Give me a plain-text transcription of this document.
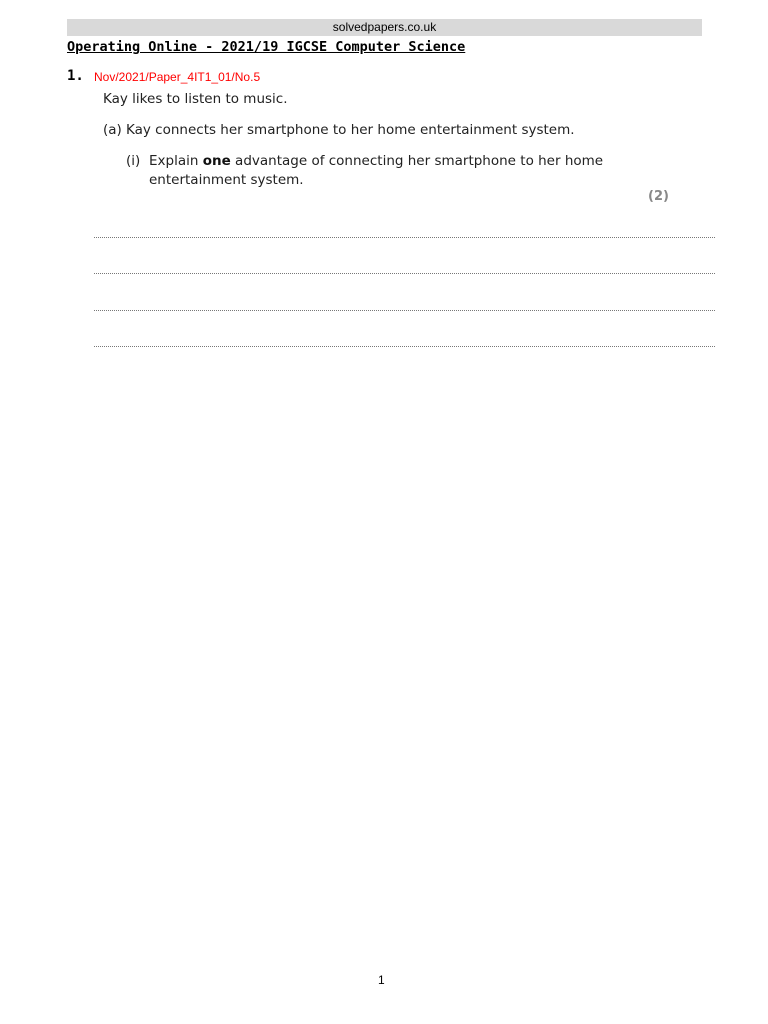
solvedpapers.co.uk
Operating Online - 2021/19 IGCSE Computer Science
1. Nov/2021/Paper_4IT1_01/No.5
Kay likes to listen to music.
(a) Kay connects her smartphone to her home entertainment system.
(i) Explain one advantage of connecting her smartphone to her home
entertainment system.
(2)
1
